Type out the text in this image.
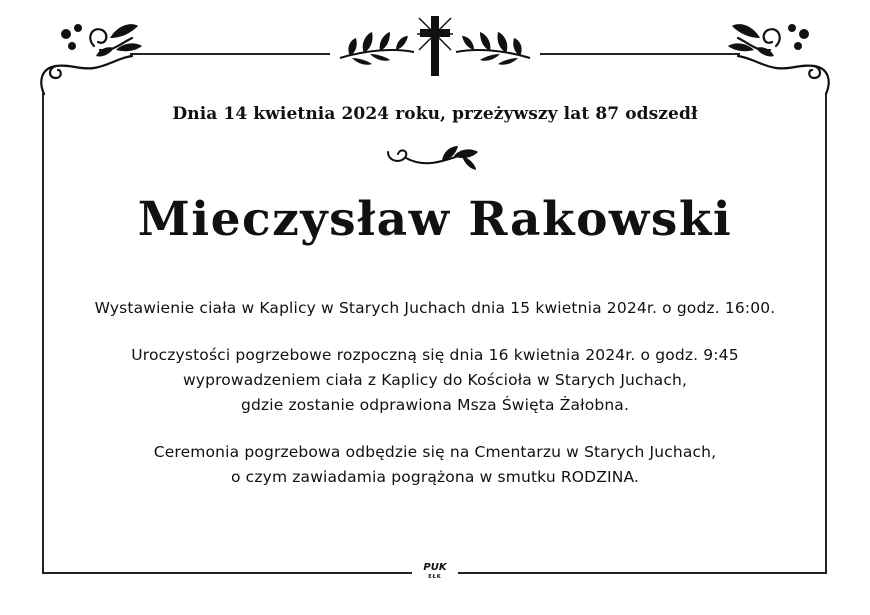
Dnia 14 kwietnia 2024 roku, przeżywszy lat 87 odszedł
Mieczysław Rakowski
Wystawienie ciała w Kaplicy w Starych Juchach dnia 15 kwietnia 2024r. o godz. 16:00.
Uroczystości pogrzebowe rozpoczną się dnia 16 kwietnia 2024r. o godz. 9:45
wyprowadzeniem ciała z Kaplicy do Kościoła w Starych Juchach,
gdzie zostanie odprawiona Msza Święta Żałobna.
Ceremonia pogrzebowa odbędzie się na Cmentarzu w Starych Juchach,
o czym zawiadamia pogrążona w smutku RODZINA.
PUK
EŁK
